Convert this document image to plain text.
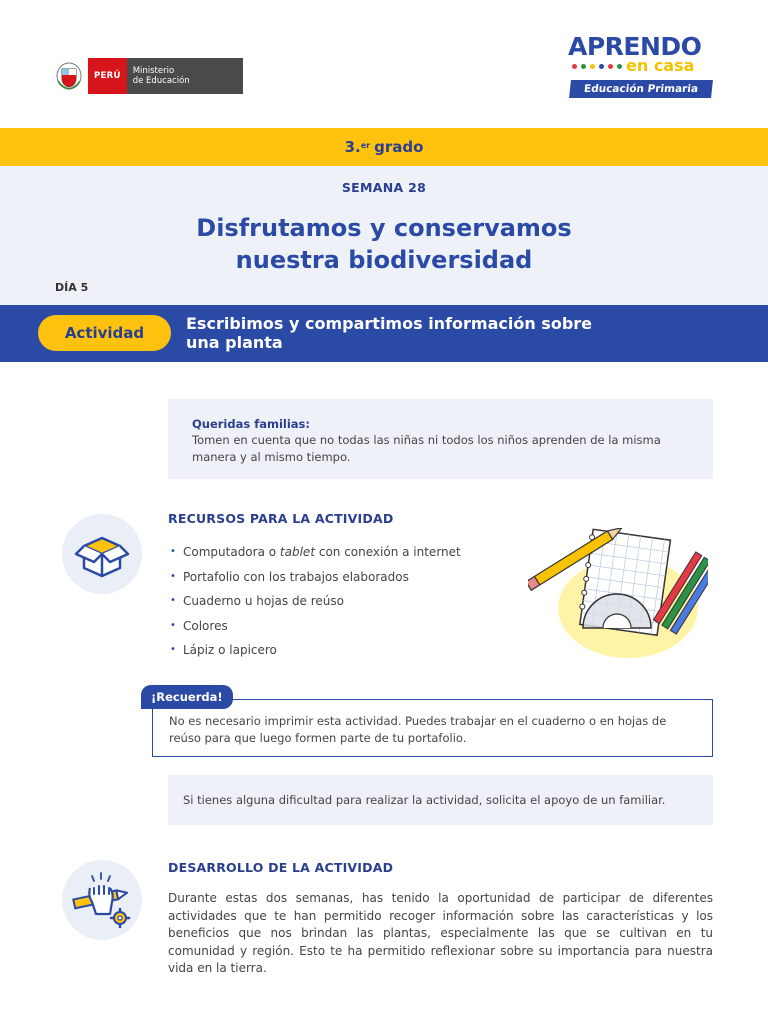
PERÚ	Ministerio
de Educación
APRENDO
en casa
Educación Primaria
3.$^{er}$ grado
SEMANA 28
Disfrutamos y conservamos
nuestra biodiversidad
DÍA 5
Actividad	Escribimos y compartimos información sobre
una planta
Queridas familias:
Tomen en cuenta que no todas las niñas ni todos los niños aprenden de la misma manera y al mismo tiempo.
RECURSOS PARA LA ACTIVIDAD
• Computadora o tablet con conexión a internet
• Portafolio con los trabajos elaborados
• Cuaderno u hojas de reúso
• Colores
• Lápiz o lapicero
¡Recuerda!
No es necesario imprimir esta actividad. Puedes trabajar en el cuaderno o en hojas de reúso para que luego formen parte de tu portafolio.
Si tienes alguna dificultad para realizar la actividad, solicita el apoyo de un familiar.
DESARROLLO DE LA ACTIVIDAD
Durante estas dos semanas, has tenido la oportunidad de participar de diferentes actividades que te han permitido recoger información sobre las características y los beneficios que nos brindan las plantas, especialmente las que se cultivan en tu comunidad y región. Esto te ha permitido reflexionar sobre su importancia para nuestra vida en la tierra.
